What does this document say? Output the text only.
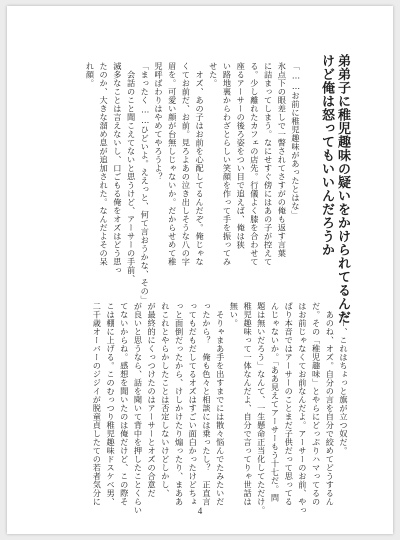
弟弟子に稚児趣味の疑いをかけられてるんだ
けど俺は怒ってもいいんだろうか
「……お前に稚児趣味があったとはな」
氷点下の眼差しで一瞥されてさすがの俺も返す言葉
に詰まってしまう。なにせすぐ傍にはあの子が控えて
る。少し離れたカフェの店先。行儀よく膝を合わせて
座るアーサーの後ろ姿をつい目で追えば、俺は狭
い路地裏からわざとらしい笑顔を作って手を振ってみ
せた。
　オズ、あの子はお前を心配してるんだぞ。俺じゃな
くてお前だ、お前。見ろよあの泣き出しそうな八の字
眉を。可愛い顔が台無しじゃないか。だからせめて稚
児呼ばわりはやめてやろうよ？
「まったく……ひどいよ。ええっと、何て言おうかな、その」
　会話のこと聞こえてないと思うけど、アーサーの手前、
滅多なことは言えないし、口ごもる俺をオズはどう思っ
たのか、大きな溜め息が追加された。なんだよその呆
れ顔。
　あー、これはちょっと旗が立つ奴だ。
　あのね、オズ。自分の言を自分で絞めてどうするん
だ。その「稚児趣味」とやらにどっぷりハマってるの
はお前じゃなくてお前なんだよ。アーサーのお前、やっ
ぱり本音ではアーサーのことまだ子供だって思ってる
んじゃないか。「ああ見えてアーサーもう十七だ。問
題は無いだろう」なんて、一生懸命正当化してただけ。
稚児趣味って一体なんだよ、自分で言ってりゃ世話は
無い。
　そりゃまあ手を出すまでには散々悩んでたみたいだ
ったから？　俺も色々と相談には乗ったし？　正直言
ってもだもだしてるオズはすごい面白かったけどちょ
っと面倒だったから、けしかけたり煽ったり、まああ
れこれとやらかしたことは否定しないけどしかし、
が最終的にくっつけたのはアーサーとオズの合意だ
が良いと思うなら、話を聞いて背中を押したことくらい
てないからね。感想を聞いたのは俺だけど、この際そ
こは棚に上げる。このむっつり稚児趣味ドスケベ男、
二千歳オーバーのジジイが脱童貞したての若者気分に
4
